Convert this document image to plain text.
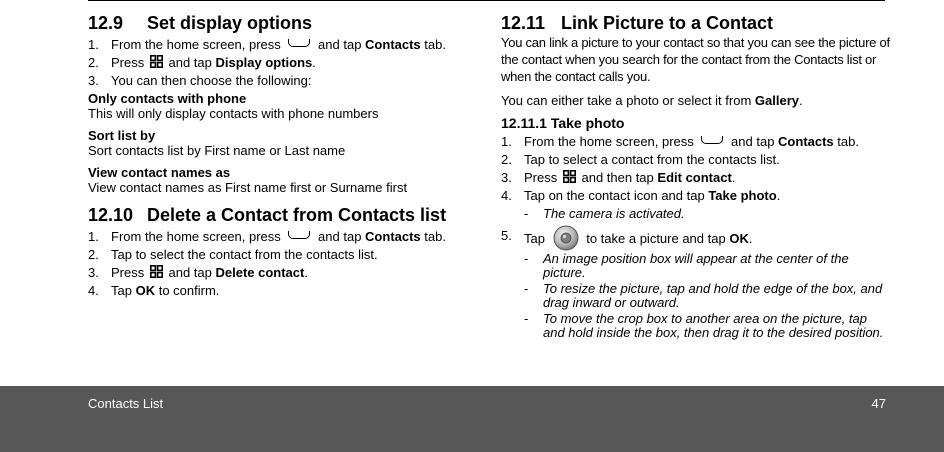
12.9 Set display options
1. From the home screen, press	and tap Contacts tab.
2. Press and tap Display options.
3. You can then choose the following:

Only contacts with phone

This will only display contacts with phone numbers

Sort list by

Sort contacts list by First name or Last name

View contact names as

View contact names as First name first or Surname first

12.10 Delete a Contact from Contacts list
1. From the home screen, press	and tap Contacts tab.
2. Tap to select the contact from the contacts list.
3. Press and tap Delete contact.
4. Tap OK to confirm.
12.11 Link Picture to a Contact

You can link a picture to your contact so that you can see the picture of the contact when you search for the contact from the Contacts list or when the contact calls you.

You can either take a photo or select it from Gallery.

12.11.1 Take photo
1. From the home screen, press	and tap Contacts tab.
2. Tap to select a contact from the contacts list.
3. Press and then tap Edit contact.
4. Tap on the contact icon and tap Take photo.
- The camera is activated.
5. Tap	to take a picture and tap OK.
- An image position box will appear at the center of the picture.
- To resize the picture, tap and hold the edge of the box, and drag inward or outward.
- To move the crop box to another area on the picture, tap and hold inside the box, then drag it to the desired position.
Contacts List	47
